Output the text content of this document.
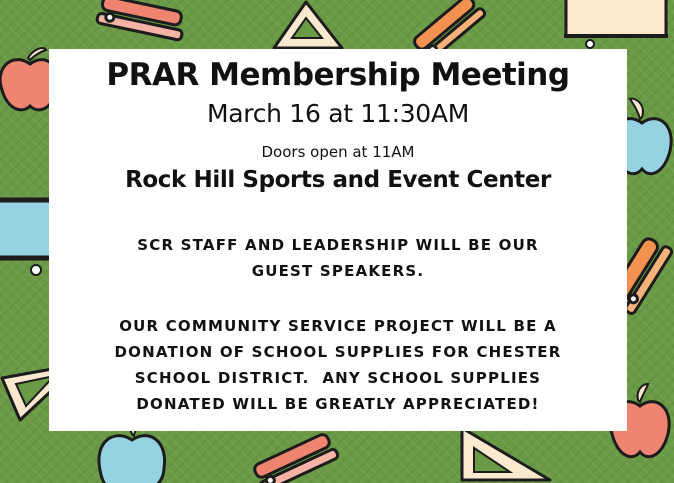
PRAR Membership Meeting
March 16 at 11:30AM
Doors open at 11AM
Rock Hill Sports and Event Center
SCR STAFF AND LEADERSHIP WILL BE OUR
GUEST SPEAKERS.
OUR COMMUNITY SERVICE PROJECT WILL BE A
DONATION OF SCHOOL SUPPLIES FOR CHESTER
SCHOOL DISTRICT.  ANY SCHOOL SUPPLIES
DONATED WILL BE GREATLY APPRECIATED!
